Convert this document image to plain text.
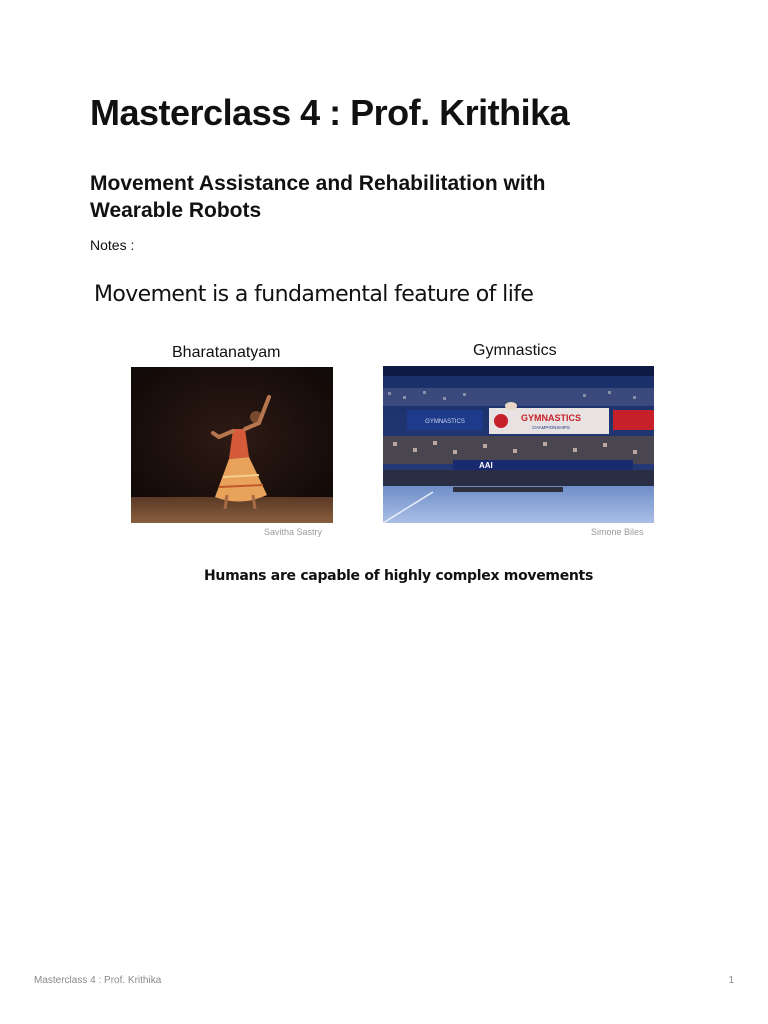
Masterclass 4 : Prof. Krithika
Movement Assistance and Rehabilitation with Wearable Robots

Notes :

Movement is a fundamental feature of life

Bharatanatyam	Gymnastics

GYMNASTICS	GYMNASTICS
CHAMPIONSHIPS
AAI

Savitha Sastry	Simone Biles

Humans are capable of highly complex movements

Masterclass 4 : Prof. Krithika	1
